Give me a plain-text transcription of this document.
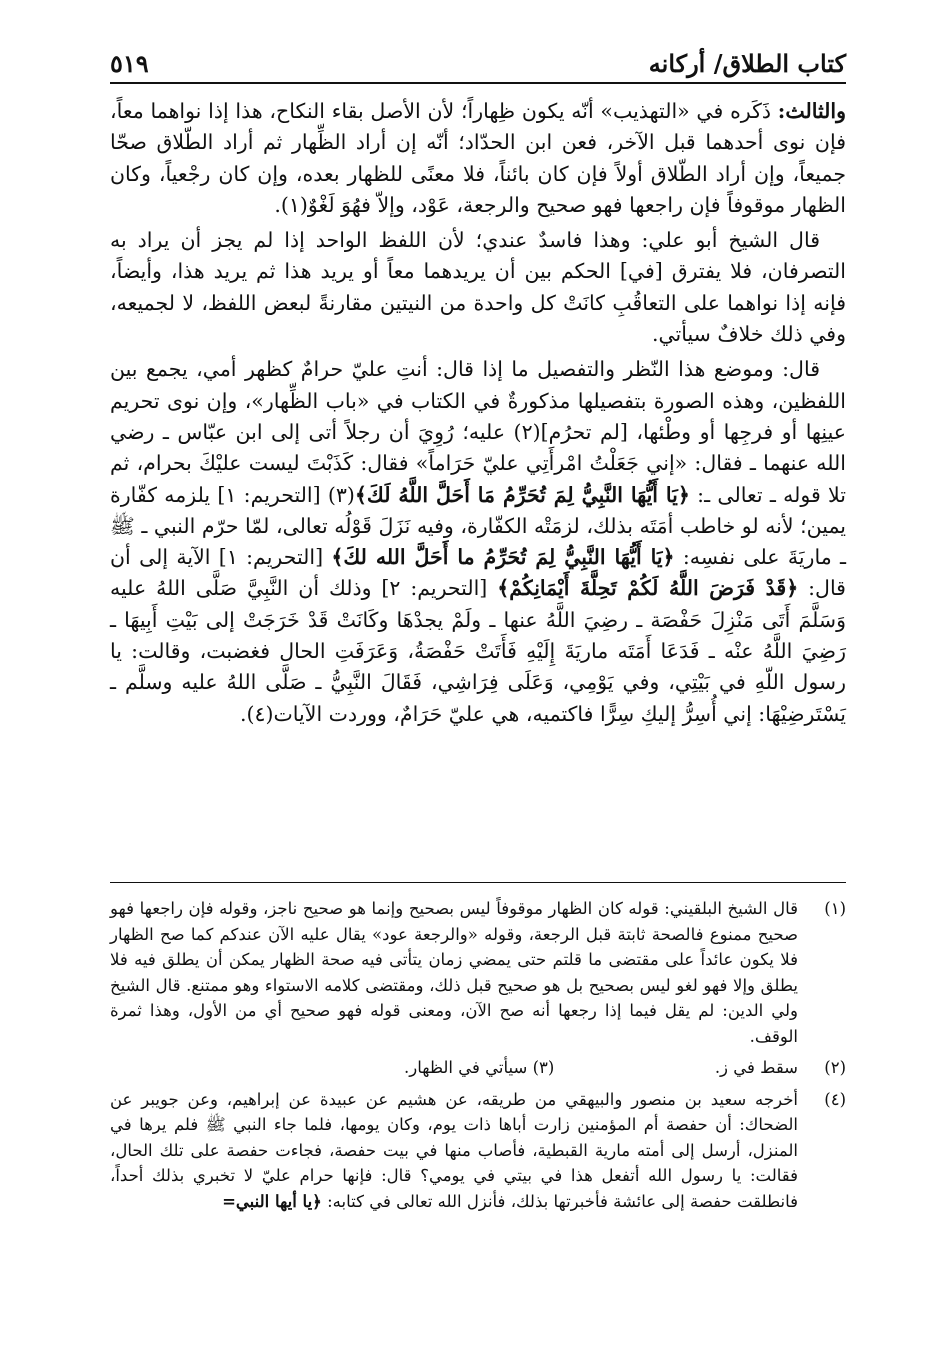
كتاب الطلاق/ أركانه
٥١٩

والثالث: ذَكَره في «التهذيب» أنّه يكون ظِهاراً؛ لأن الأصل بقاء النكاح، هذا إذا نواهما معاً، فإن نوى أحدهما قبل الآخر، فعن ابن الحدّاد؛ أنّه إن أراد الظِّهار ثم أراد الطّلاق صحّا جميعاً، وإن أراد الطّلاق أولاً فإن كان بائناً، فلا معنًى للظهار بعده، وإن كان رجْعياً، وكان الظهار موقوفاً فإن راجعها فهو صحيح والرجعة، عَوْد، وإلاّ فهُوَ لَغْوٌ(١).

قال الشيخ أبو علي: وهذا فاسدٌ عندي؛ لأن اللفظ الواحد إذا لم يجز أن يراد به التصرفان، فلا يفترق [في] الحكم بين أن يريدهما معاً أو يريد هذا ثم يريد هذا، وأيضاً، فإنه إذا نواهما على التعاقُبِ كانَتْ كل واحدة من النيتين مقارنةً لبعض اللفظ، لا لجميعه، وفي ذلك خلافٌ سيأتي.

قال: وموضع هذا النّظر والتفصيل ما إذا قال: أنتِ عليّ حرامٌ كظهر أمي، يجمع بين اللفظين، وهذه الصورة بتفصيلها مذكورةٌ في الكتاب في «باب الظِّهار»، وإن نوى تحريم عينِها أو فرجِها أو وطْئها، [لم تحرُم](٢) عليه؛ رُوِيَ أن رجلاً أتى إلى ابن عبّاس ـ رضي الله عنهما ـ فقال: «إني جَعَلْتُ امْرأَتِي عليّ حَرَاماً» فقال: كَذَبْتَ ليست عليْكَ بحرام، ثم تلا قوله ـ تعالى ـ: ﴿يَا أَيُّهَا النَّبِيُّ لِمَ تُحَرِّمُ مَا أَحَلَّ اللَّهُ لَكَ﴾(٣) [التحريم: ١] يلزمه كفّارة يمين؛ لأنه لو خاطب أمَتَه بذلك، لزمَتْه الكفّارة، وفيه نَزَلَ قَوْلُه تعالى، لمّا حرّم النبي ـ ﷺ ـ ماريَةَ على نفسِه: ﴿يَا أَيُّهَا النَّبِيُّ لِمَ تُحَرِّمُ ما أَحَلَّ الله لكَ﴾ [التحريم: ١] الآية إلى أن قال: ﴿قَدْ فَرَضَ اللَّهُ لَكُمْ تَحِلَّةَ أَيْمَانِكُمْ﴾ [التحريم: ٢] وذلك أن النَّبِيَّ صَلَّى اللهُ عليه وَسَلَّمَ أَتَى مَنْزِلَ حَفْصَة ـ رضِيَ اللَّهُ عنها ـ ولَمْ يجدْهَا وكَانَتْ قَدْ خَرَجَتْ إلى بَيْتِ أَبِيهَا ـ رَضِيَ اللَّهُ عنْه ـ فَدَعَا أَمَتَه ماريَةَ إِلَيْهِ فَأَتَتْ حَفْصَةُ، وَعَرَفَتِ الحال فغضبت، وقالت: يا رسول اللّهِ في بَيْتِي، وفي يَوْمِي، وَعَلَى فِرَاشِي، فَقَالَ النَّبِيُّ ـ صَلَّى اللهُ عليه وسلَّم ـ يَسْتَرضِيْهَا: إني أُسِرُّ إليكِ سِرًّا فاكتميه، هي عليّ حَرَامٌ، ووردت الآيات(٤).

(١)
قال الشيخ البلقيني: قوله كان الظهار موقوفاً ليس بصحيح وإنما هو صحيح ناجز، وقوله فإن راجعها فهو صحيح ممنوع فالصحة ثابتة قبل الرجعة، وقوله «والرجعة عود» يقال عليه الآن عندكم كما صح الظهار فلا يكون عائداً على مقتضى ما قلتم حتى يمضي زمان يتأتى فيه صحة الظهار يمكن أن يطلق فيه فلا يطلق وإلا فهو لغو ليس بصحيح بل هو صحيح قبل ذلك، ومقتضى كلامه الاستواء وهو ممتنع. قال الشيخ ولي الدين: لم يقل فيما إذا رجعها أنه صح الآن، ومعنى قوله فهو صحيح أي من الأول، وهذا ثمرة الوقف.
(٢)
سقط في ز.  (٣) سيأتي في الظهار.
(٤)
أخرجه سعيد بن منصور والبيهقي من طريقه، عن هشيم عن عبيدة عن إبراهيم، وعن جويبر عن الضحاك: أن حفصة أم المؤمنين زارت أباها ذات يوم، وكان يومها، فلما جاء النبي ﷺ فلم يرها في المنزل، أرسل إلى أمته مارية القبطية، فأصاب منها في بيت حفصة، فجاءت حفصة على تلك الحال، فقالت: يا رسول الله أتفعل هذا في بيتي في يومي؟ قال: فإنها حرام عليّ لا تخبري بذلك أحداً، فانطلقت حفصة إلى عائشة فأخبرتها بذلك، فأنزل الله تعالى في كتابه: ﴿يا أيها النبي=
